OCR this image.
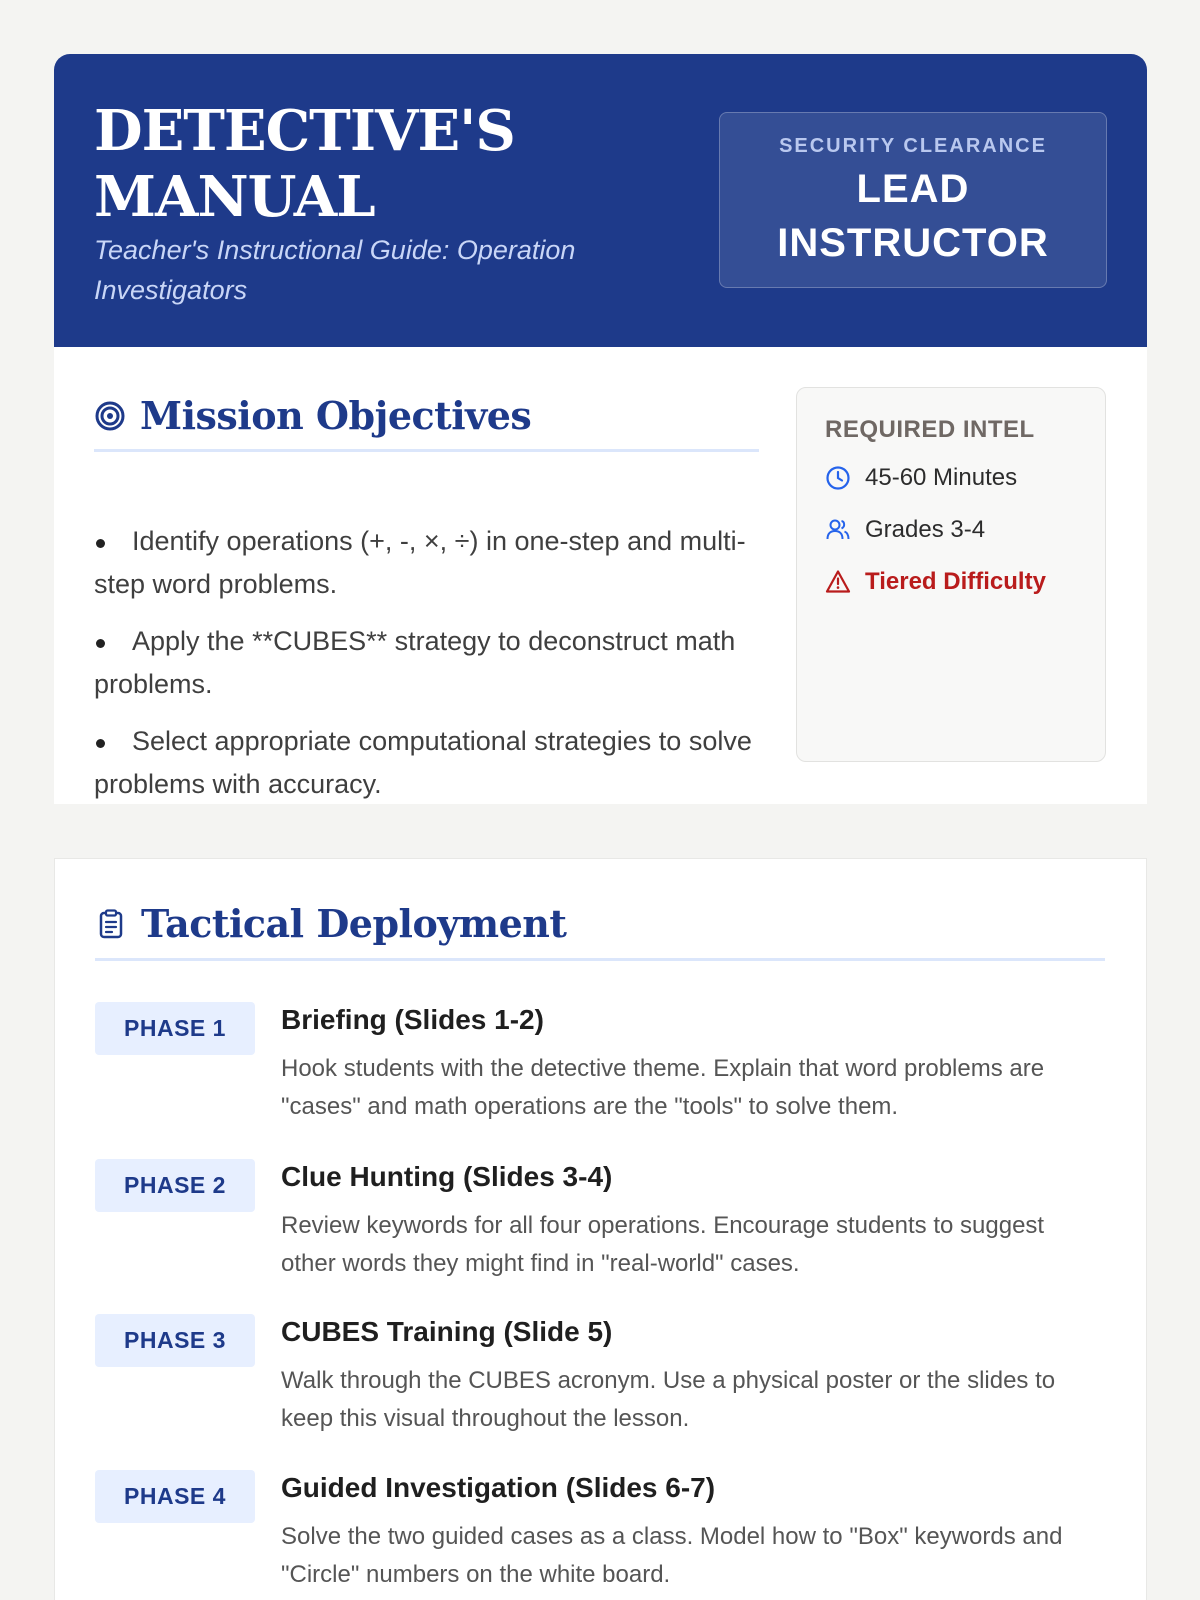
DETECTIVE'S
MANUAL
Teacher's Instructional Guide: Operation Investigators
SECURITY CLEARANCE
LEAD
INSTRUCTOR
Mission Objectives
Identify operations (+, -, ×, ÷) in one-step and multi-step word problems.
Apply the **CUBES** strategy to deconstruct math problems.
Select appropriate computational strategies to solve problems with accuracy.
REQUIRED INTEL
45-60 Minutes
Grades 3-4
Tiered Difficulty
Tactical Deployment
PHASE 1	Briefing (Slides 1-2)
Hook students with the detective theme. Explain that word problems are "cases" and math operations are the "tools" to solve them.
PHASE 2	Clue Hunting (Slides 3-4)
Review keywords for all four operations. Encourage students to suggest other words they might find in "real-world" cases.
PHASE 3	CUBES Training (Slide 5)
Walk through the CUBES acronym. Use a physical poster or the slides to keep this visual throughout the lesson.
PHASE 4	Guided Investigation (Slides 6-7)
Solve the two guided cases as a class. Model how to "Box" keywords and "Circle" numbers on the white board.
